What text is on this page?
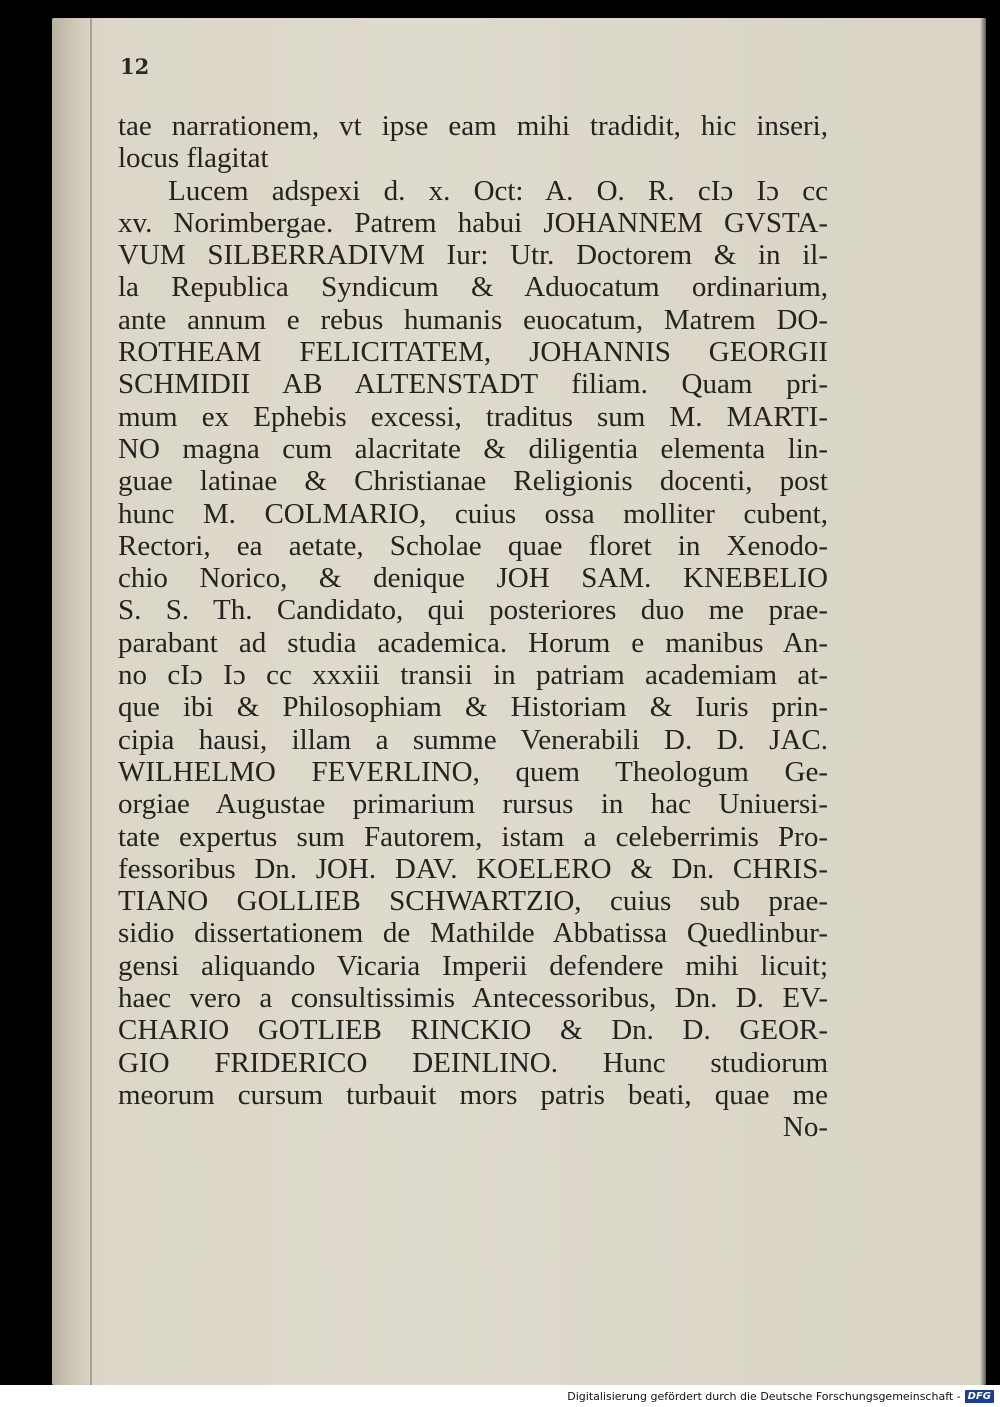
12
tae narrationem, vt ipse eam mihi tradidit, hic inseri,
locus flagitat
Lucem adspexi d. x. Oct: A. O. R. cIɔ Iɔ cc
xv. Norimbergae. Patrem habui JOHANNEM GVSTA-
VUM SILBERRADIVM Iur: Utr. Doctorem & in il-
la Republica Syndicum & Aduocatum ordinarium,
ante annum e rebus humanis euocatum, Matrem DO-
ROTHEAM FELICITATEM, JOHANNIS GEORGII
SCHMIDII AB ALTENSTADT filiam. Quam pri-
mum ex Ephebis excessi, traditus sum M. MARTI-
NO magna cum alacritate & diligentia elementa lin-
guae latinae & Christianae Religionis docenti, post
hunc M. COLMARIO, cuius ossa molliter cubent,
Rectori, ea aetate, Scholae quae floret in Xenodo-
chio Norico, & denique JOH SAM. KNEBELIO
S. S. Th. Candidato, qui posteriores duo me prae-
parabant ad studia academica. Horum e manibus An-
no cIɔ Iɔ cc xxxiii transii in patriam academiam at-
que ibi & Philosophiam & Historiam & Iuris prin-
cipia hausi, illam a summe Venerabili D. D. JAC.
WILHELMO FEVERLINO, quem Theologum Ge-
orgiae Augustae primarium rursus in hac Uniuersi-
tate expertus sum Fautorem, istam a celeberrimis Pro-
fessoribus Dn. JOH. DAV. KOELERO & Dn. CHRIS-
TIANO GOLLIEB SCHWARTZIO, cuius sub prae-
sidio dissertationem de Mathilde Abbatissa Quedlinbur-
gensi aliquando Vicaria Imperii defendere mihi licuit;
haec vero a consultissimis Antecessoribus, Dn. D. EV-
CHARIO GOTLIEB RINCKIO & Dn. D. GEOR-
GIO FRIDERICO DEINLINO. Hunc studiorum
meorum cursum turbauit mors patris beati, quae me
No-
Digitalisierung gefördert durch die Deutsche Forschungsgemeinschaft - DFG
